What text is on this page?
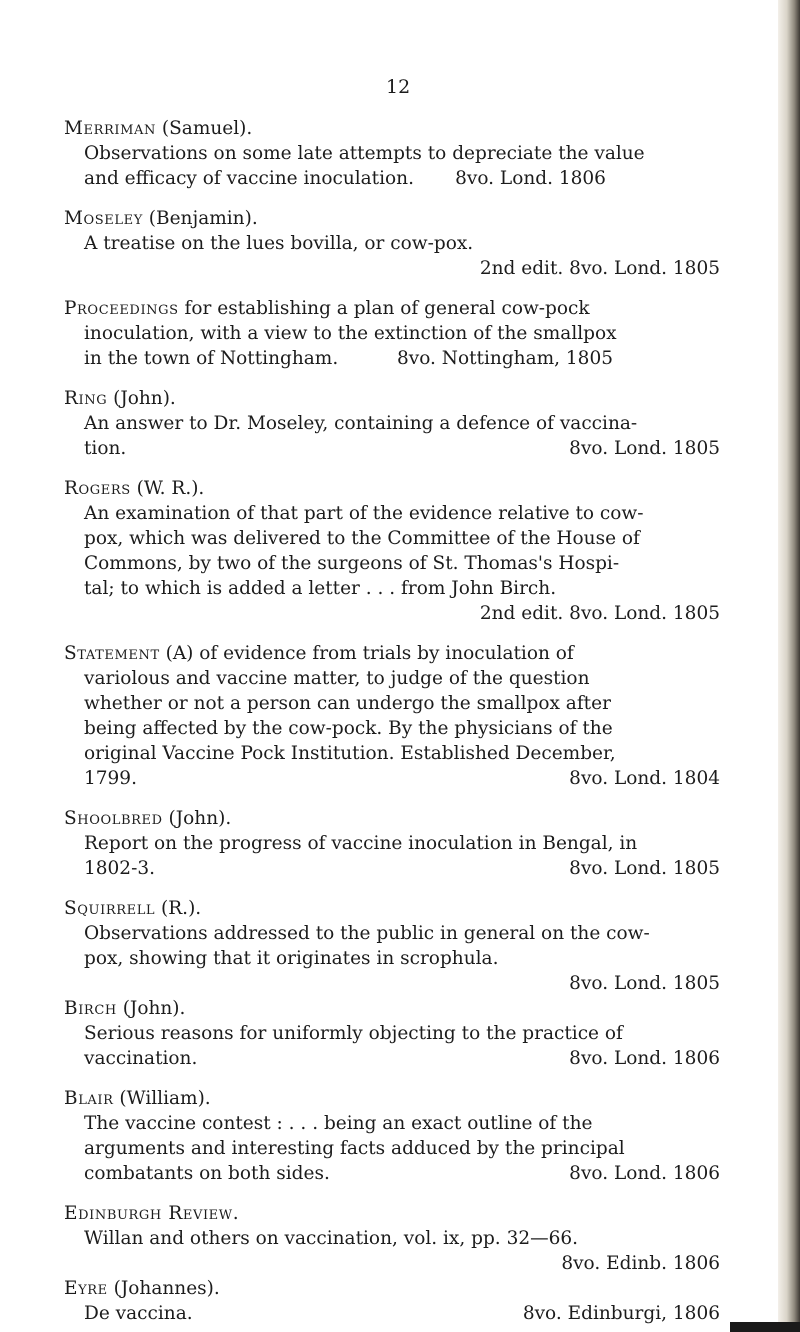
12
Merriman (Samuel).
Observations on some late attempts to depreciate the value
and efficacy of vaccine inoculation.       8vo. Lond. 1806
Moseley (Benjamin).
A treatise on the lues bovilla, or cow-pox.
2nd edit. 8vo. Lond. 1805
Proceedings for establishing a plan of general cow-pock
inoculation, with a view to the extinction of the smallpox
in the town of Nottingham.          8vo. Nottingham, 1805
Ring (John).
An answer to Dr. Moseley, containing a defence of vaccina-
8vo. Lond. 1805
tion.
Rogers (W. R.).
An examination of that part of the evidence relative to cow-
pox, which was delivered to the Committee of the House of
Commons, by two of the surgeons of St. Thomas's Hospi-
tal; to which is added a letter . . . from John Birch.
2nd edit. 8vo. Lond. 1805
Statement (A) of evidence from trials by inoculation of
variolous and vaccine matter, to judge of the question
whether or not a person can undergo the smallpox after
being affected by the cow-pock. By the physicians of the
original Vaccine Pock Institution. Established December,
8vo. Lond. 1804
1799.
Shoolbred (John).
Report on the progress of vaccine inoculation in Bengal, in
8vo. Lond. 1805
1802-3.
Squirrell (R.).
Observations addressed to the public in general on the cow-
pox, showing that it originates in scrophula.
8vo. Lond. 1805
Birch (John).
Serious reasons for uniformly objecting to the practice of
8vo. Lond. 1806
vaccination.
Blair (William).
The vaccine contest : . . . being an exact outline of the
arguments and interesting facts adduced by the principal
8vo. Lond. 1806
combatants on both sides.
Edinburgh Review.
Willan and others on vaccination, vol. ix, pp. 32—66.
8vo. Edinb. 1806
Eyre (Johannes).
8vo. Edinburgi, 1806
De vaccina.
